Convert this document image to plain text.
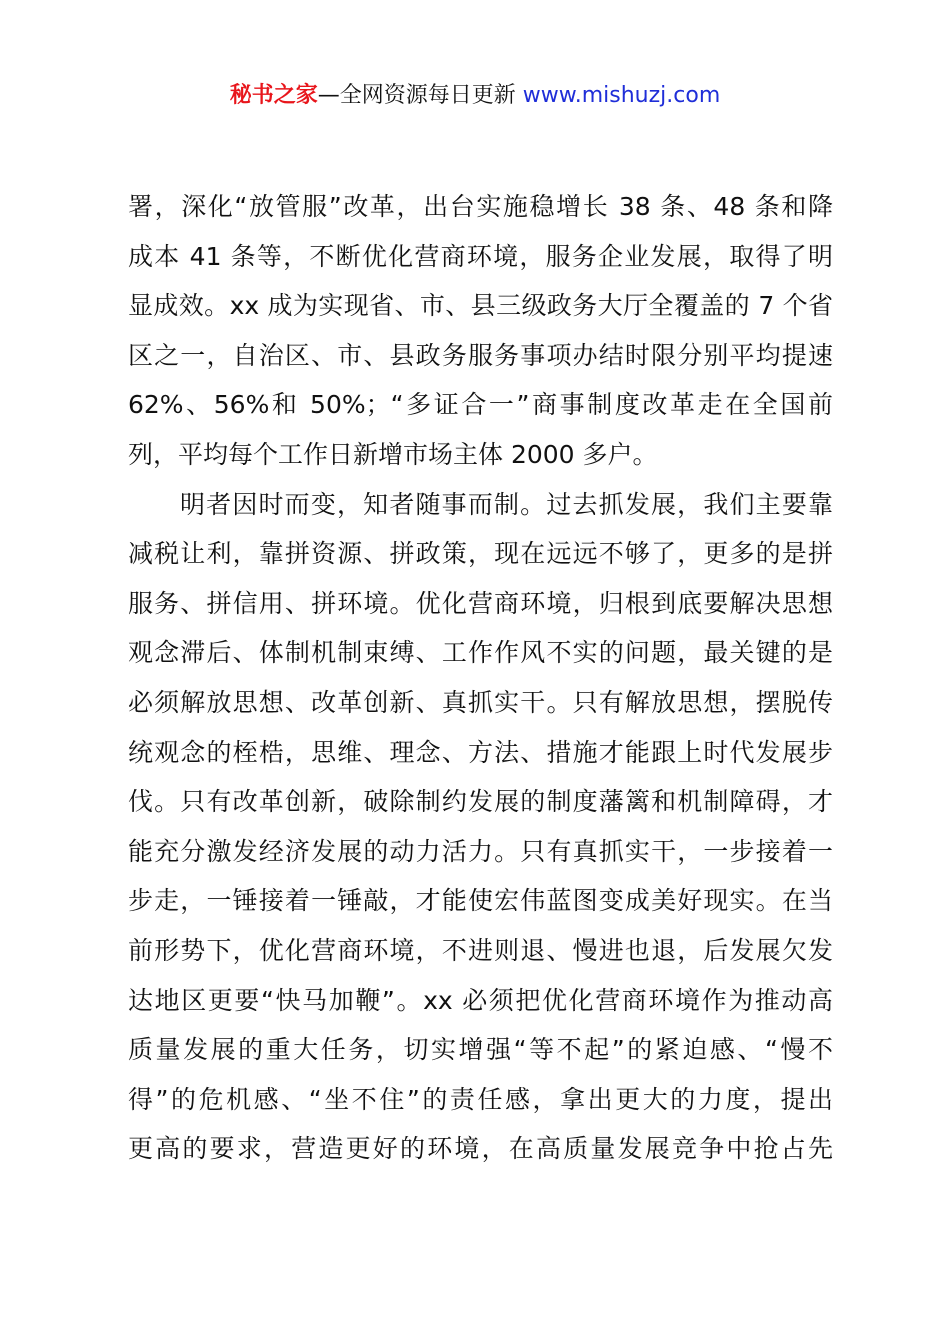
秘书之家—全网资源每日更新 www.mishuzj.com
署，深化“放管服”改革，出台实施稳增长 38 条、48 条和降
成本 41 条等，不断优化营商环境，服务企业发展，取得了明
显成效。xx 成为实现省、市、县三级政务大厅全覆盖的 7 个省
区之一，自治区、市、县政务服务事项办结时限分别平均提速
62%、56%和 50%；“多证合一”商事制度改革走在全国前
列，平均每个工作日新增市场主体 2000 多户。
明者因时而变，知者随事而制。过去抓发展，我们主要靠
减税让利，靠拼资源、拼政策，现在远远不够了，更多的是拼
服务、拼信用、拼环境。优化营商环境，归根到底要解决思想
观念滞后、体制机制束缚、工作作风不实的问题，最关键的是
必须解放思想、改革创新、真抓实干。只有解放思想，摆脱传
统观念的桎梏，思维、理念、方法、措施才能跟上时代发展步
伐。只有改革创新，破除制约发展的制度藩篱和机制障碍，才
能充分激发经济发展的动力活力。只有真抓实干，一步接着一
步走，一锤接着一锤敲，才能使宏伟蓝图变成美好现实。在当
前形势下，优化营商环境，不进则退、慢进也退，后发展欠发
达地区更要“快马加鞭”。xx 必须把优化营商环境作为推动高
质量发展的重大任务，切实增强“等不起”的紧迫感、“慢不
得”的危机感、“坐不住”的责任感，拿出更大的力度，提出
更高的要求，营造更好的环境，在高质量发展竞争中抢占先
